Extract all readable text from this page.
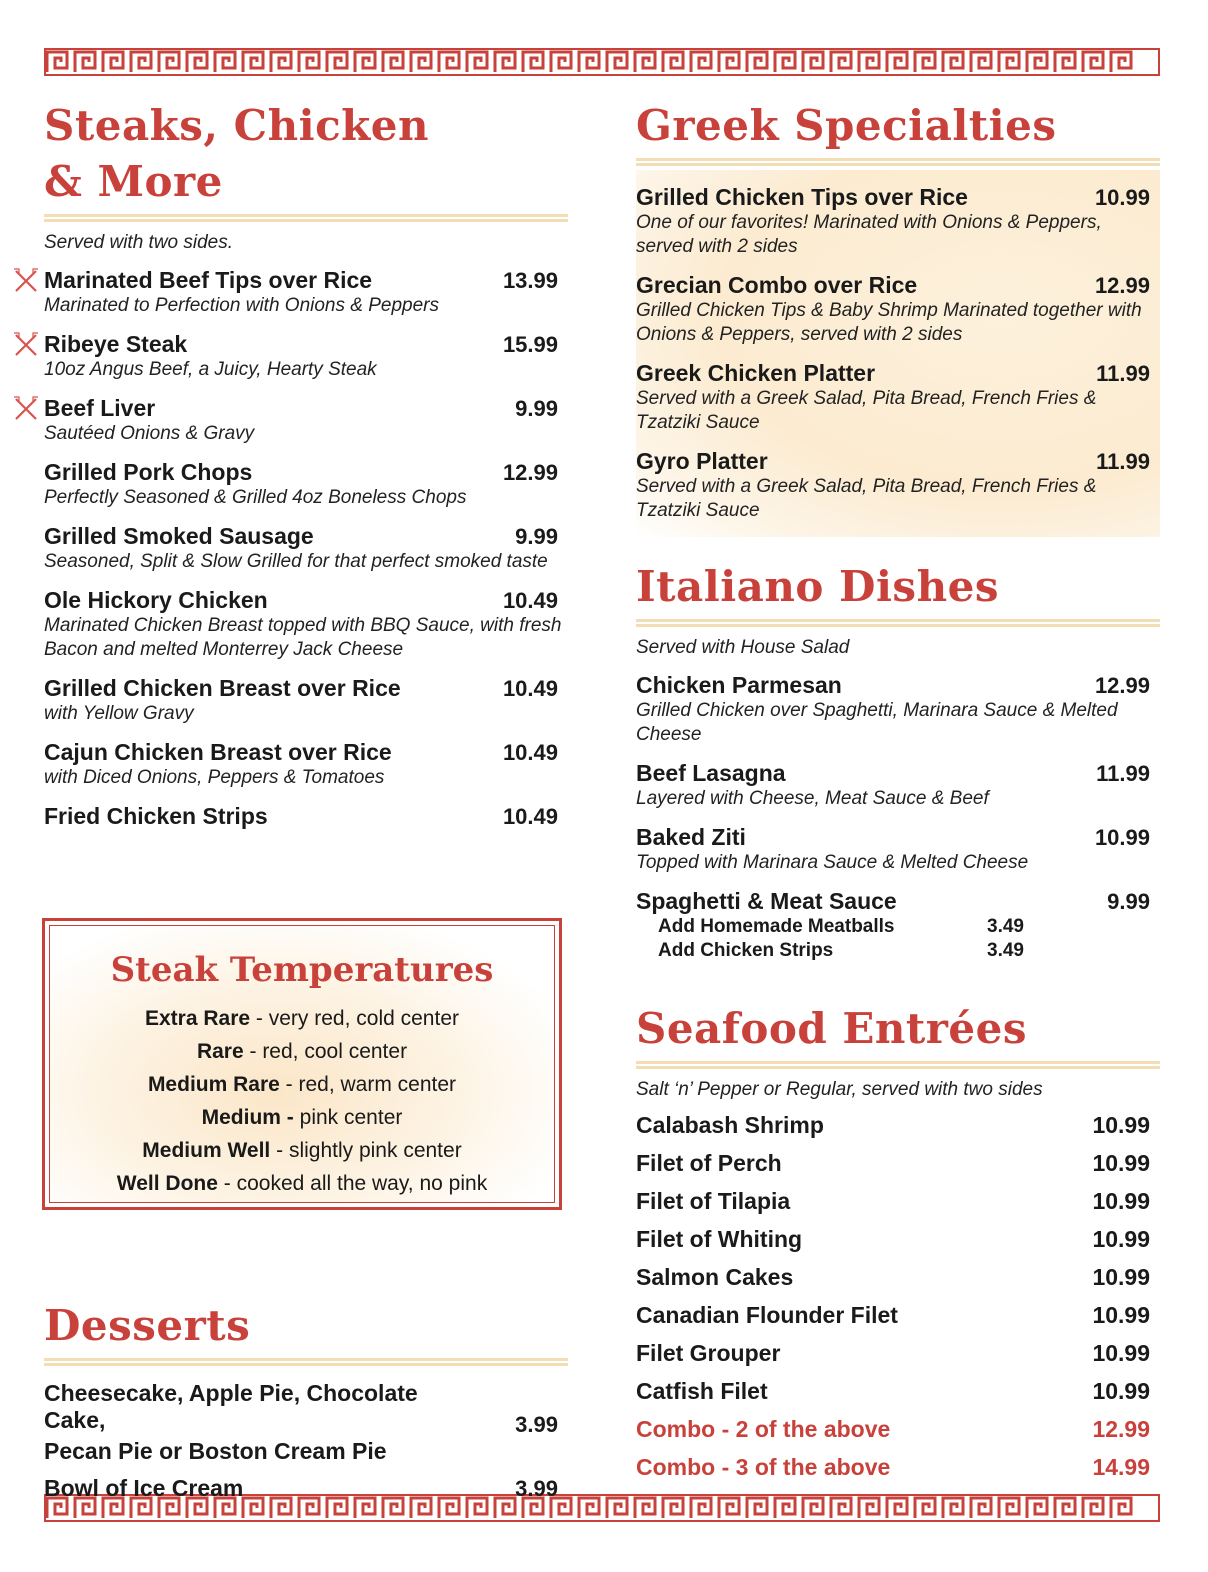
Steaks, Chicken
& More
Served with two sides.
Marinated Beef Tips over Rice	13.99
Marinated to Perfection with Onions & Peppers
Ribeye Steak	15.99
10oz Angus Beef, a Juicy, Hearty Steak
Beef Liver	9.99
Sautéed Onions & Gravy
Grilled Pork Chops	12.99
Perfectly Seasoned & Grilled 4oz Boneless Chops
Grilled Smoked Sausage	9.99
Seasoned, Split & Slow Grilled for that perfect smoked taste
Ole Hickory Chicken	10.49
Marinated Chicken Breast topped with BBQ Sauce, with fresh Bacon and melted Monterrey Jack Cheese
Grilled Chicken Breast over Rice	10.49
with Yellow Gravy
Cajun Chicken Breast over Rice	10.49
with Diced Onions, Peppers & Tomatoes
Fried Chicken Strips	10.49
Steak Temperatures
Extra Rare - very red, cold center
Rare - red, cool center
Medium Rare - red, warm center
Medium - pink center
Medium Well - slightly pink center
Well Done - cooked all the way, no pink
Desserts
Cheesecake, Apple Pie, Chocolate Cake,
Pecan Pie or Boston Cream Pie
3.99
Bowl of Ice Cream	3.99
Greek Specialties
Grilled Chicken Tips over Rice	10.99
One of our favorites! Marinated with Onions & Peppers, served with 2 sides
Grecian Combo over Rice	12.99
Grilled Chicken Tips & Baby Shrimp Marinated together with Onions & Peppers, served with 2 sides
Greek Chicken Platter	11.99
Served with a Greek Salad, Pita Bread, French Fries & Tzatziki Sauce
Gyro Platter	11.99
Served with a Greek Salad, Pita Bread, French Fries & Tzatziki Sauce
Italiano Dishes
Served with House Salad
Chicken Parmesan	12.99
Grilled Chicken over Spaghetti, Marinara Sauce & Melted Cheese
Beef Lasagna	11.99
Layered with Cheese, Meat Sauce & Beef
Baked Ziti	10.99
Topped with Marinara Sauce & Melted Cheese
Spaghetti & Meat Sauce	9.99
Add Homemade Meatballs	3.49
Add Chicken Strips	3.49
Seafood Entrées
Salt ‘n’ Pepper or Regular, served with two sides
Calabash Shrimp	10.99
Filet of Perch	10.99
Filet of Tilapia	10.99
Filet of Whiting	10.99
Salmon Cakes	10.99
Canadian Flounder Filet	10.99
Filet Grouper	10.99
Catfish Filet	10.99
Combo - 2 of the above	12.99
Combo - 3 of the above	14.99
